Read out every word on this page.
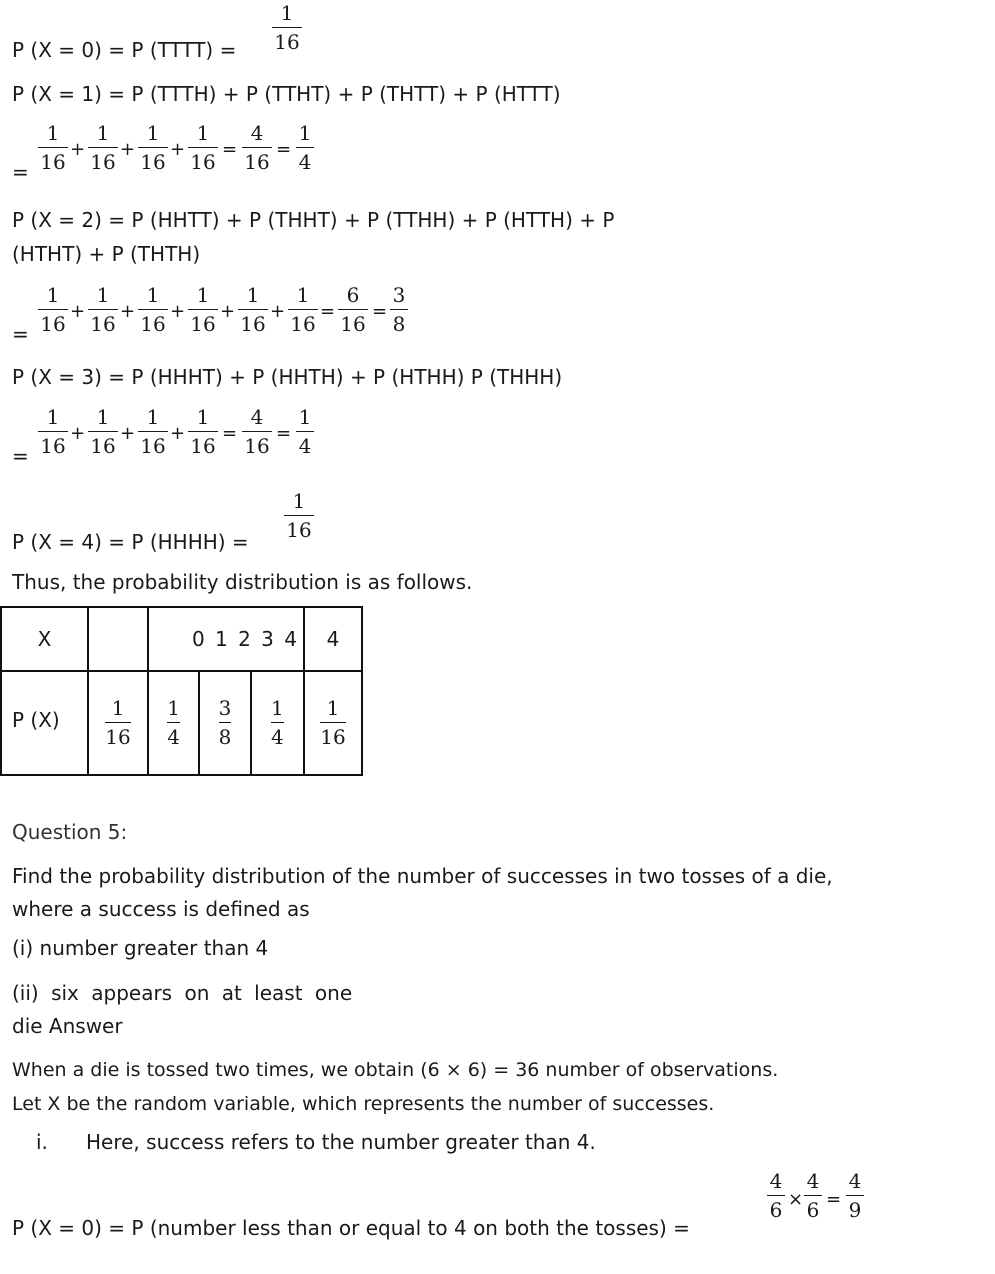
1
16
P (X = 0) = P (TTTT) =
P (X = 1) = P (TTTH) + P (TTHT) + P (THTT) + P (HTTT)
=
1
16
+
1
16
+
1
16
+
1
16
=
4
16
=
1
4
P (X = 2) = P (HHTT) + P (THHT) + P (TTHH) + P (HTTH) + P
(HTHT) + P (THTH)
=
1
16
+
1
16
+
1
16
+
1
16
+
1
16
+
1
16
=
6
16
=
3
8
P (X = 3) = P (HHHT) + P (HHTH) + P (HTHH) P (THHH)
=
1
16
+
1
16
+
1
16
+
1
16
=
4
16
=
1
4
1
16
P (X = 4) = P (HHHH) =
Thus, the probability distribution is as follows.
X		0 1 2 3 4			4
P (X)	$\frac{1}{16}$	$\frac{1}{4}$	$\frac{3}{8}$	$\frac{1}{4}$	$\frac{1}{16}$
Question 5:
Find the probability distribution of the number of successes in two tosses of a die,
where a success is defined as
(i) number greater than 4
(ii) six appears on at least one
die Answer
When a die is tossed two times, we obtain (6 × 6) = 36 number of observations.
Let X be the random variable, which represents the number of successes.
i. Here, success refers to the number greater than 4.
4
6 ×
4
6 =
4
9
P (X = 0) = P (number less than or equal to 4 on both the tosses) =
